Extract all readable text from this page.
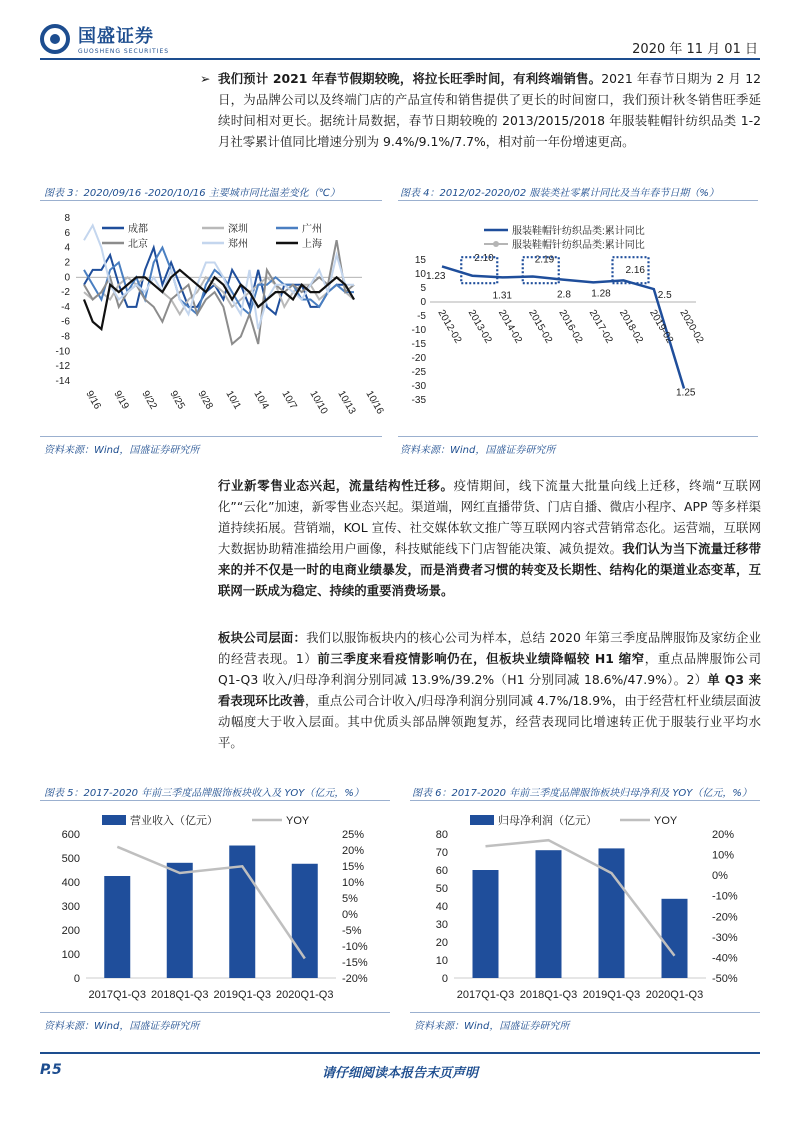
国盛证券
GUOSHENG SECURITIES	2020 年 11 月 01 日
➢ 我们预计 2021 年春节假期较晚，将拉长旺季时间，有利终端销售。2021 年春节日期为 2 月 12 日，为品牌公司以及终端门店的产品宣传和销售提供了更长的时间窗口，我们预计秋冬销售旺季延续时间相对更长。据统计局数据，春节日期较晚的 2013/2015/2018 年服装鞋帽针纺织品类 1-2 月社零累计值同比增速分别为 9.4%/9.1%/7.7%，相对前一年份增速更高。
图表 3：2020/09/16 -2020/10/16 主要城市同比温差变化（℃）	图表 4：2012/02-2020/02 服装类社零累计同比及当年春节日期（%）
8
6
4
2
0
-2
-4
-6
-8
-10
-12
-14
9/16 9/19 9/22 9/25 9/28 10/1 10/4 10/7 10/10 10/13 10/16
成都	深圳	广州
北京	郑州	上海
15
10
5
0
-5
-10
-15
-20
-25
-30
-35
2012-02 2013-02 2014-02 2015-02 2016-02 2017-02 2018-02 2019-02 2020-02
1.23
2.10
1.31
2.19
2.8 1.28
2.16
2.5
1.25
服装鞋帽针纺织品类:累计同比
服装鞋帽针纺织品类:累计同比
资料来源：Wind，国盛证券研究所	资料来源：Wind，国盛证券研究所
行业新零售业态兴起，流量结构性迁移。疫情期间，线下流量大批量向线上迁移，终端“互联网化”“云化”加速，新零售业态兴起。渠道端，网红直播带货、门店自播、微店小程序、APP 等多样渠道持续拓展。营销端，KOL 宣传、社交媒体软文推广等互联网内容式营销常态化。运营端，互联网大数据协助精准描绘用户画像，科技赋能线下门店智能决策、减负提效。我们认为当下流量迁移带来的并不仅是一时的电商业绩暴发，而是消费者习惯的转变及长期性、结构化的渠道业态变革，互联网一跃成为稳定、持续的重要消费场景。
板块公司层面：我们以服饰板块内的核心公司为样本，总结 2020 年第三季度品牌服饰及家纺企业的经营表现。1）前三季度来看疫情影响仍在，但板块业绩降幅较 H1 缩窄，重点品牌服饰公司 Q1-Q3 收入/归母净利润分别同减 13.9%/39.2%（H1 分别同减 18.6%/47.9%）。2）单 Q3 来看表现环比改善，重点公司合计收入/归母净利润分别同减 4.7%/18.9%，由于经营杠杆业绩层面波动幅度大于收入层面。其中优质头部品牌领跑复苏，经营表现同比增速转正优于服装行业平均水平。
图表 5：2017-2020 年前三季度品牌服饰板块收入及 YOY（亿元，%）	图表 6：2017-2020 年前三季度品牌服饰板块归母净利及 YOY（亿元，%）
0
100
200
300
400
500
600	25%
20%
15%
10%
5%
0%
-5%
-10%
-15%
-20%
2017Q1-Q3 2018Q1-Q3 2019Q1-Q3 2020Q1-Q3
营业收入（亿元）	YOY
0
10
20
30
40
50
60
70
80	20%
10%
0%
-10%
-20%
-30%
-40%
-50%
2017Q1-Q3 2018Q1-Q3 2019Q1-Q3 2020Q1-Q3
归母净利润（亿元）	YOY
资料来源：Wind，国盛证券研究所	资料来源：Wind，国盛证券研究所
P.5	请仔细阅读本报告末页声明
